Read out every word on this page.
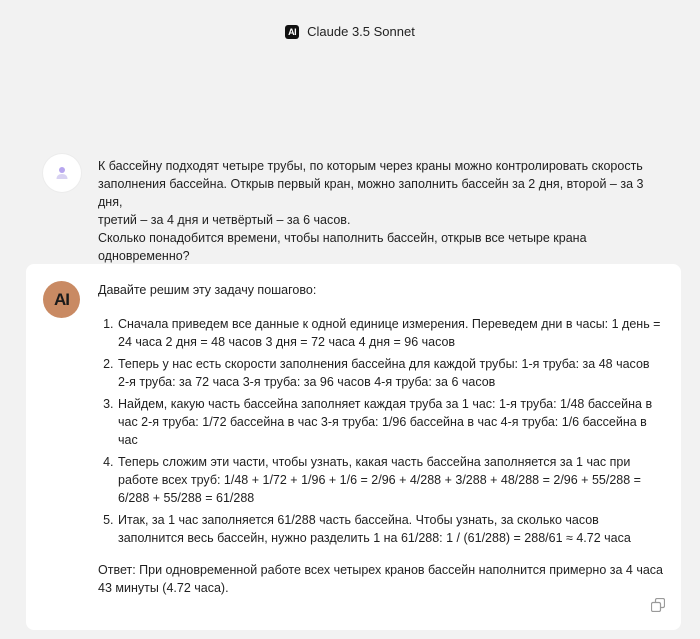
AI Claude 3.5 Sonnet
К бассейну подходят четыре трубы, по которым через краны можно контролировать скорость
заполнения бассейна. Открыв первый кран, можно заполнить бассейн за 2 дня, второй – за 3 дня,
третий – за 4 дня и четвёртый – за 6 часов.
Сколько понадобится времени, чтобы наполнить бассейн, открыв все четыре крана
одновременно?
AI	Давайте решим эту задачу пошагово:

1. Сначала приведем все данные к одной единице измерения. Переведем дни в часы: 1 день = 24 часа 2 дня = 48 часов 3 дня = 72 часа 4 дня = 96 часов
2. Теперь у нас есть скорости заполнения бассейна для каждой трубы: 1-я труба: за 48 часов 2-я труба: за 72 часа 3-я труба: за 96 часов 4-я труба: за 6 часов
3. Найдем, какую часть бассейна заполняет каждая труба за 1 час: 1-я труба: 1/48 бассейна в час 2-я труба: 1/72 бассейна в час 3-я труба: 1/96 бассейна в час 4-я труба: 1/6 бассейна в час
4. Теперь сложим эти части, чтобы узнать, какая часть бассейна заполняется за 1 час при работе всех труб: 1/48 + 1/72 + 1/96 + 1/6 = 2/96 + 4/288 + 3/288 + 48/288 = 2/96 + 55/288 = 6/288 + 55/288 = 61/288
5. Итак, за 1 час заполняется 61/288 часть бассейна. Чтобы узнать, за сколько часов заполнится весь бассейн, нужно разделить 1 на 61/288: 1 / (61/288) = 288/61 ≈ 4.72 часа

Ответ: При одновременной работе всех четырех кранов бассейн наполнится примерно за 4 часа 43 минуты (4.72 часа).
